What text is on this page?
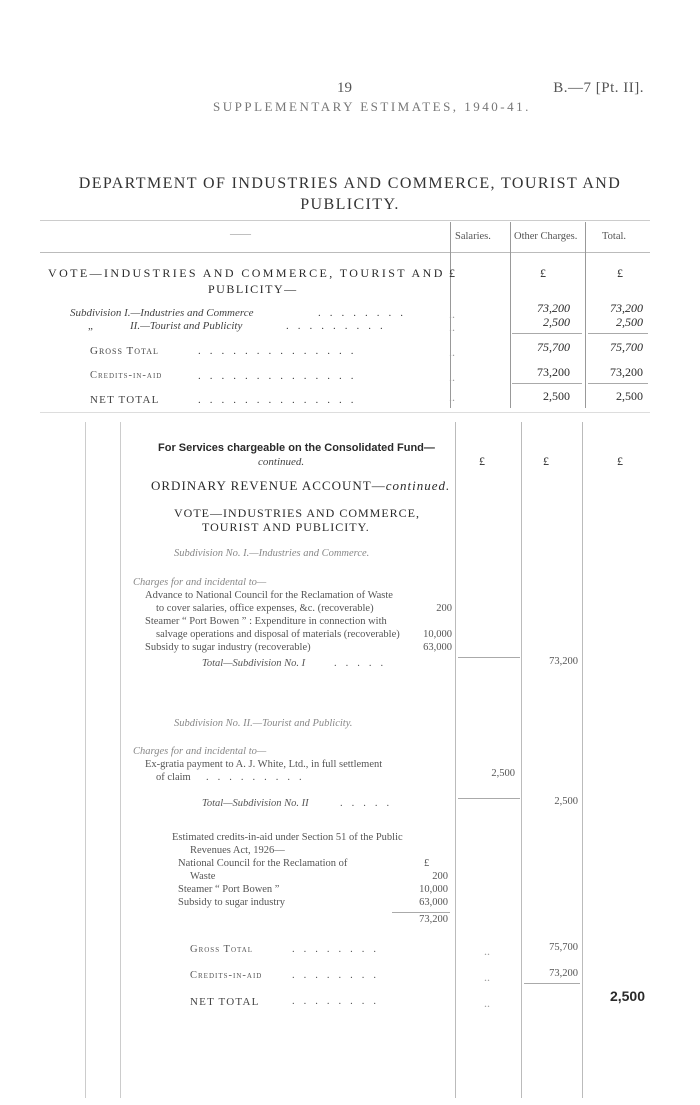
19	B.—7 [Pt. II].
SUPPLEMENTARY ESTIMATES, 1940-41.
DEPARTMENT OF INDUSTRIES AND COMMERCE, TOURIST AND
PUBLICITY.
——	Salaries. Other Charges. Total.
VOTE—INDUSTRIES AND COMMERCE, TOURIST AND
PUBLICITY—
£	£	£
Subdivision I.—Industries and Commerce	........	..	73,200	73,200
„	II.—Tourist and Publicity	.........	..	2,500	2,500
Gross Total	..............	..	75,700	75,700
Credits-in-aid	..............	..	73,200	73,200
NET TOTAL	..............	..	2,500	2,500
For Services chargeable on the Consolidated Fund—
continued.	£	£	£
ORDINARY REVENUE ACCOUNT—continued.
VOTE—INDUSTRIES AND COMMERCE,
TOURIST AND PUBLICITY.
Subdivision No. I.—Industries and Commerce.
Charges for and incidental to—
Advance to National Council for the Reclamation of Waste
to cover salaries, office expenses, &c. (recoverable)	200
Steamer “ Port Bowen ” : Expenditure in connection with
salvage operations and disposal of materials (recoverable)	10,000
Subsidy to sugar industry (recoverable)	63,000
Total—Subdivision No. I	.....	73,200
Subdivision No. II.—Tourist and Publicity.
Charges for and incidental to—
Ex-gratia payment to A. J. White, Ltd., in full settlement
of claim .........	2,500
Total—Subdivision No. II	.....	2,500
Estimated credits-in-aid under Section 51 of the Public
Revenues Act, 1926—
£
National Council for the Reclamation of
Waste	200
Steamer “ Port Bowen ”	10,000
Subsidy to sugar industry	63,000
73,200
Gross Total	........	..	75,700
Credits-in-aid	........	..	73,200
NET TOTAL	........	..	2,500
